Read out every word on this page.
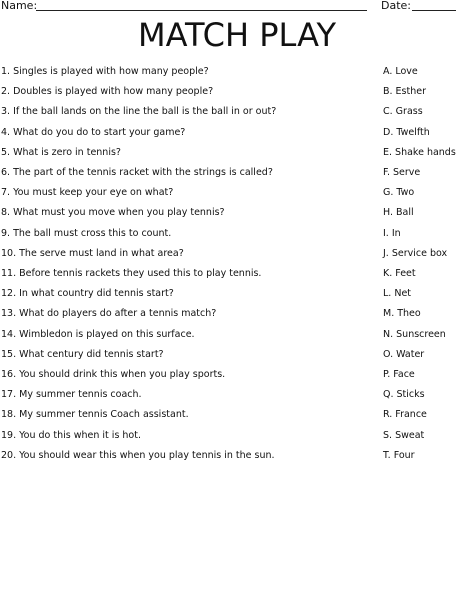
Name:	Date:
MATCH PLAY
1. Singles is played with how many people?	A. Love
2. Doubles is played with how many people?	B. Esther
3. If the ball lands on the line the ball is the ball in or out?	C. Grass
4. What do you do to start your game?	D. Twelfth
5. What is zero in tennis?	E. Shake hands
6. The part of the tennis racket with the strings is called?	F. Serve
7. You must keep your eye on what?	G. Two
8. What must you move when you play tennis?	H. Ball
9. The ball must cross this to count.	I. In
10. The serve must land in what area?	J. Service box
11. Before tennis rackets they used this to play tennis.	K. Feet
12. In what country did tennis start?	L. Net
13. What do players do after a tennis match?	M. Theo
14. Wimbledon is played on this surface.	N. Sunscreen
15. What century did tennis start?	O. Water
16. You should drink this when you play sports.	P. Face
17. My summer tennis coach.	Q. Sticks
18. My summer tennis Coach assistant.	R. France
19. You do this when it is hot.	S. Sweat
20. You should wear this when you play tennis in the sun.	T. Four
